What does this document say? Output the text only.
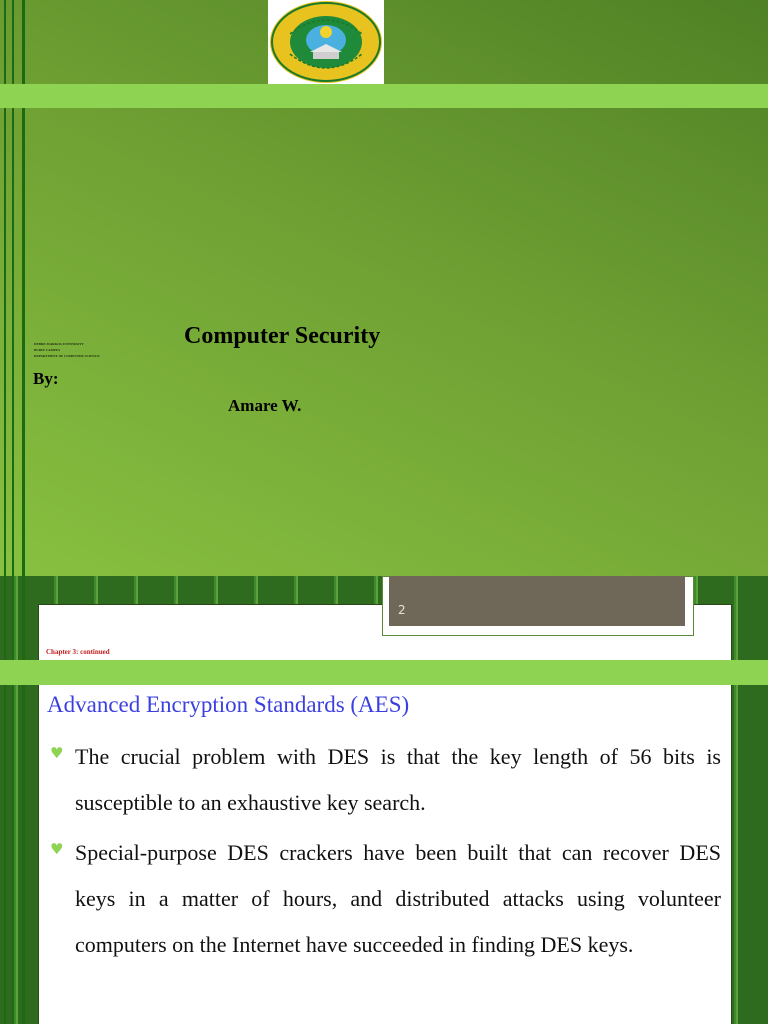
DEBRE MARKOS UNIVERSITY
BURIE CAMPUS
DEPARTMENT OF COMPUTER SCIENCE
Computer Security
By:
Amare W.
2
Chapter 3: continued
Advanced Encryption Standards (AES)
♥ The crucial problem with DES is that the key length of 56 bits is susceptible to an exhaustive key search.
♥ Special-purpose DES crackers have been built that can recover DES keys in a matter of hours, and distributed attacks using volunteer computers on the Internet have succeeded in finding DES keys.
